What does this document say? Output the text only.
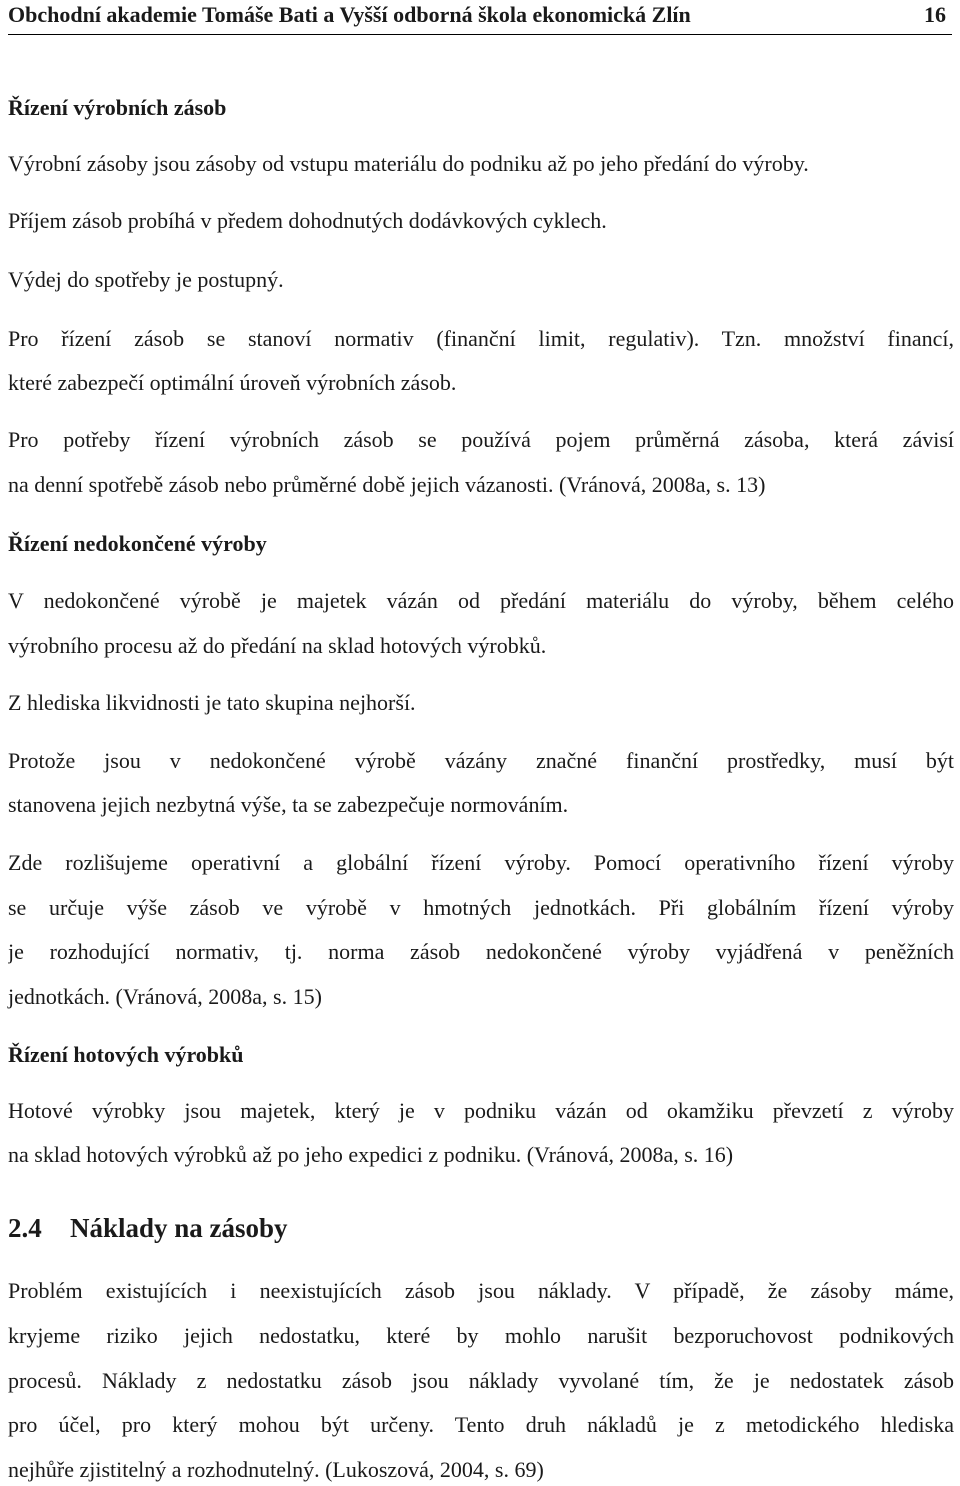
Obchodní akademie Tomáše Bati a Vyšší odborná škola ekonomická Zlín	16
Řízení výrobních zásob
Výrobní zásoby jsou zásoby od vstupu materiálu do podniku až po jeho předání do výroby.
Příjem zásob probíhá v předem dohodnutých dodávkových cyklech.
Výdej do spotřeby je postupný.
Pro řízení zásob se stanoví normativ (finanční limit, regulativ). Tzn. množství financí,
které zabezpečí optimální úroveň výrobních zásob.
Pro potřeby řízení výrobních zásob se používá pojem průměrná zásoba, která závisí
na denní spotřebě zásob nebo průměrné době jejich vázanosti. (Vránová, 2008a, s. 13)
Řízení nedokončené výroby
V nedokončené výrobě je majetek vázán od předání materiálu do výroby, během celého
výrobního procesu až do předání na sklad hotových výrobků.
Z hlediska likvidnosti je tato skupina nejhorší.
Protože jsou v nedokončené výrobě vázány značné finanční prostředky, musí být
stanovena jejich nezbytná výše, ta se zabezpečuje normováním.
Zde rozlišujeme operativní a globální řízení výroby. Pomocí operativního řízení výroby
se určuje výše zásob ve výrobě v hmotných jednotkách. Při globálním řízení výroby
je rozhodující normativ, tj. norma zásob nedokončené výroby vyjádřená v peněžních
jednotkách. (Vránová, 2008a, s. 15)
Řízení hotových výrobků
Hotové výrobky jsou majetek, který je v podniku vázán od okamžiku převzetí z výroby
na sklad hotových výrobků až po jeho expedici z podniku. (Vránová, 2008a, s. 16)
2.4 Náklady na zásoby
Problém existujících i neexistujících zásob jsou náklady. V případě, že zásoby máme,
kryjeme riziko jejich nedostatku, které by mohlo narušit bezporuchovost podnikových
procesů. Náklady z nedostatku zásob jsou náklady vyvolané tím, že je nedostatek zásob
pro účel, pro který mohou být určeny. Tento druh nákladů je z metodického hlediska
nejhůře zjistitelný a rozhodnutelný. (Lukoszová, 2004, s. 69)
